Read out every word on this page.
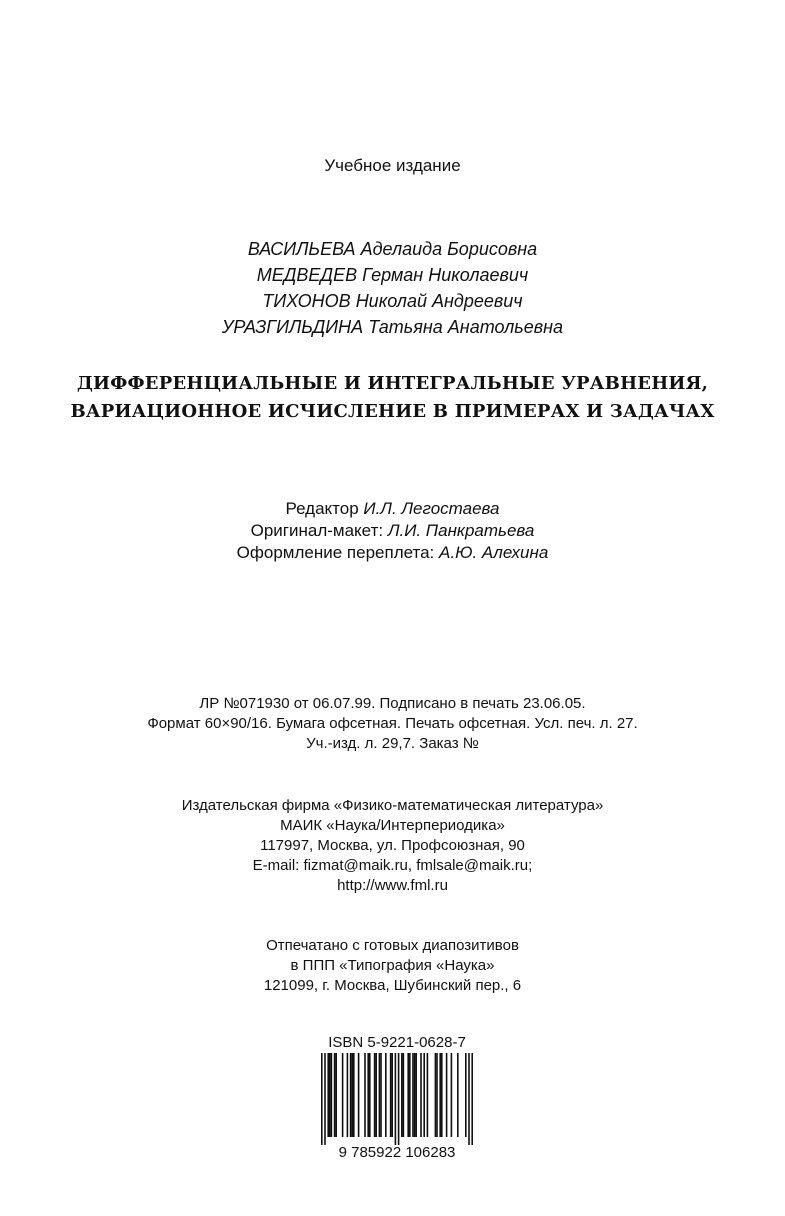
Учебное издание
ВАСИЛЬЕВА Аделаида Борисовна
МЕДВЕДЕВ Герман Николаевич
ТИХОНОВ Николай Андреевич
УРАЗГИЛЬДИНА Татьяна Анатольевна
ДИФФЕРЕНЦИАЛЬНЫЕ И ИНТЕГРАЛЬНЫЕ УРАВНЕНИЯ,
ВАРИАЦИОННОЕ ИСЧИСЛЕНИЕ В ПРИМЕРАХ И ЗАДАЧАХ
Редактор И.Л. Легостаева
Оригинал-макет: Л.И. Панкратьева
Оформление переплета: А.Ю. Алехина
ЛР №071930 от 06.07.99. Подписано в печать 23.06.05.
Формат 60×90/16. Бумага офсетная. Печать офсетная. Усл. печ. л. 27.
Уч.-изд. л. 29,7. Заказ №
Издательская фирма «Физико-математическая литература»
МАИК «Наука/Интерпериодика»
117997, Москва, ул. Профсоюзная, 90
E-mail: fizmat@maik.ru, fmlsale@maik.ru;
http://www.fml.ru
Отпечатано с готовых диапозитивов
в ППП «Типография «Наука»
121099, г. Москва, Шубинский пер., 6
ISBN 5-9221-0628-7
9 785922 106283
